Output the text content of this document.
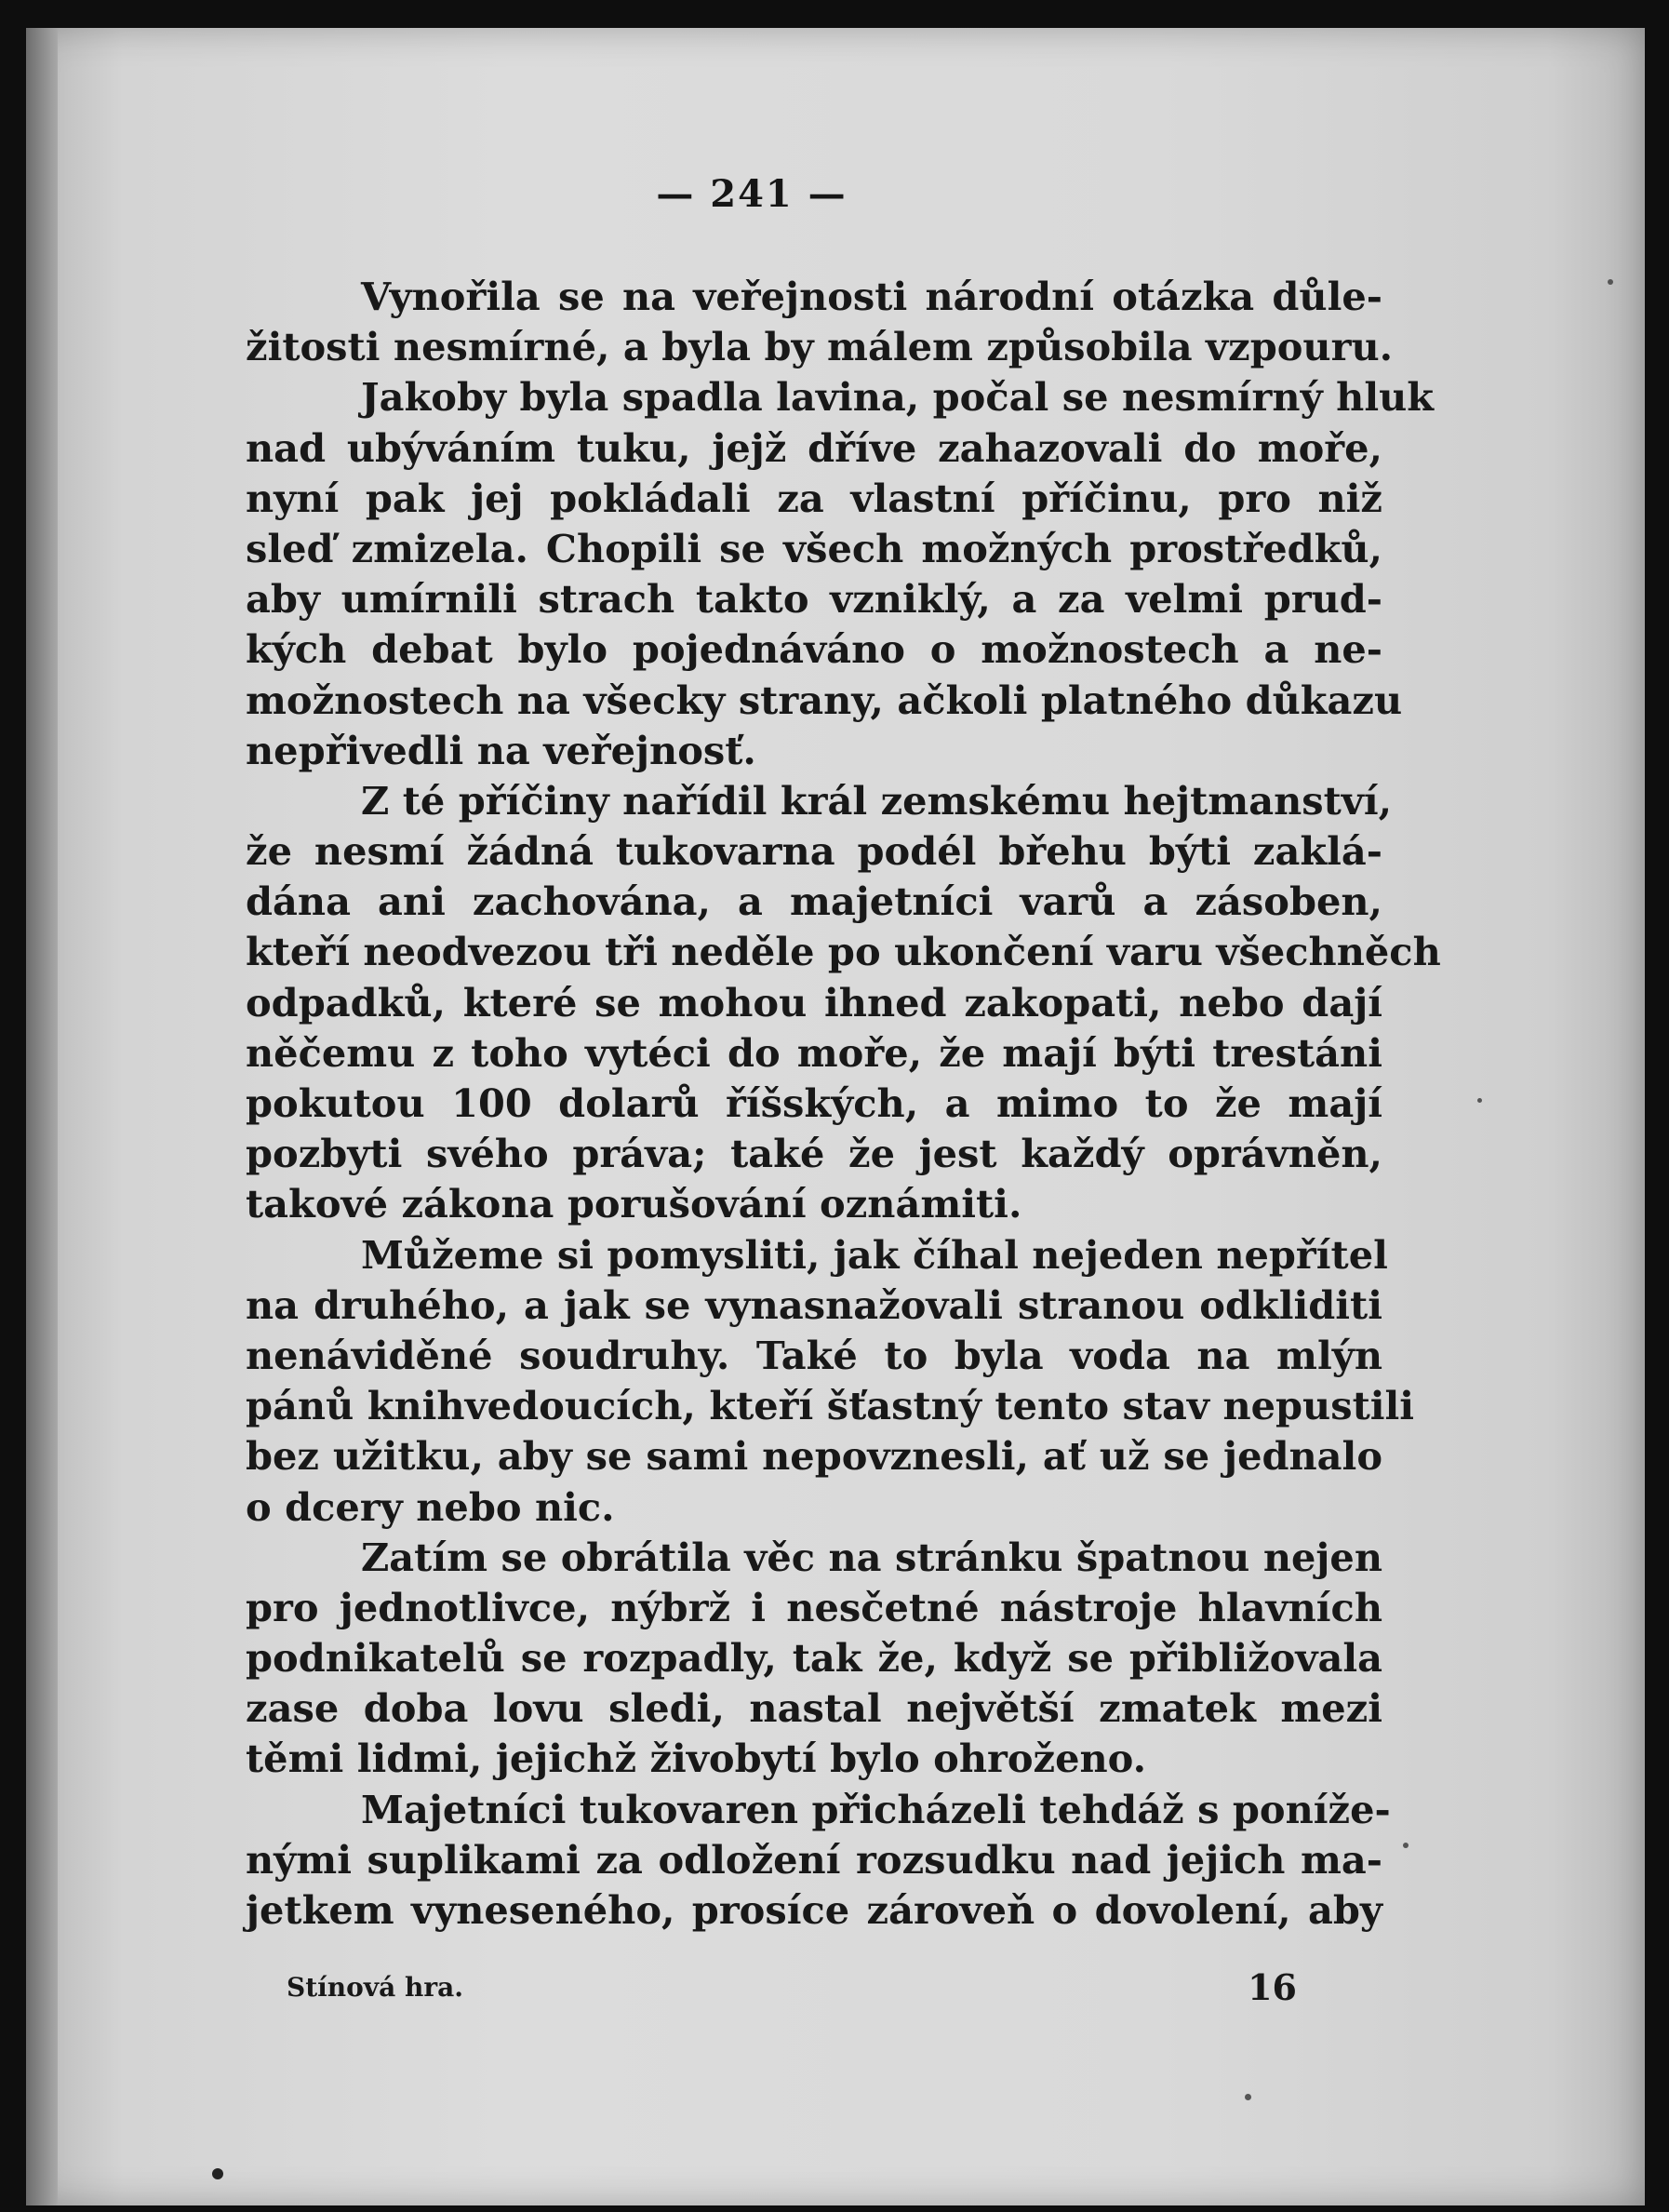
— 241 —
Vynořila se na veřejnosti národní otázka důle-
žitosti nesmírné, a byla by málem způsobila vzpouru.
Jakoby byla spadla lavina, počal se nesmírný hluk
nad ubýváním tuku, jejž dříve zahazovali do moře,
nyní pak jej pokládali za vlastní příčinu, pro niž
sleď zmizela. Chopili se všech možných prostředků,
aby umírnili strach takto vzniklý, a za velmi prud-
kých debat bylo pojednáváno o možnostech a ne-
možnostech na všecky strany, ačkoli platného důkazu
nepřivedli na veřejnosť.
Z té příčiny nařídil král zemskému hejtmanství,
že nesmí žádná tukovarna podél břehu býti zaklá-
dána ani zachována, a majetníci varů a zásoben,
kteří neodvezou tři neděle po ukončení varu všechněch
odpadků, které se mohou ihned zakopati, nebo dají
něčemu z toho vytéci do moře, že mají býti trestáni
pokutou 100 dolarů říšských, a mimo to že mají
pozbyti svého práva; také že jest každý oprávněn,
takové zákona porušování oznámiti.
Můžeme si pomysliti, jak číhal nejeden nepřítel
na druhého, a jak se vynasnažovali stranou odkliditi
nenáviděné soudruhy. Také to byla voda na mlýn
pánů knihvedoucích, kteří šťastný tento stav nepustili
bez užitku, aby se sami nepovznesli, ať už se jednalo
o dcery nebo nic.
Zatím se obrátila věc na stránku špatnou nejen
pro jednotlivce, nýbrž i nesčetné nástroje hlavních
podnikatelů se rozpadly, tak že, když se přibližovala
zase doba lovu sledi, nastal největší zmatek mezi
těmi lidmi, jejichž živobytí bylo ohroženo.
Majetníci tukovaren přicházeli tehdáž s poníže-
nými suplikami za odložení rozsudku nad jejich ma-
jetkem vyneseného, prosíce zároveň o dovolení, aby
Stínová hra.	16
